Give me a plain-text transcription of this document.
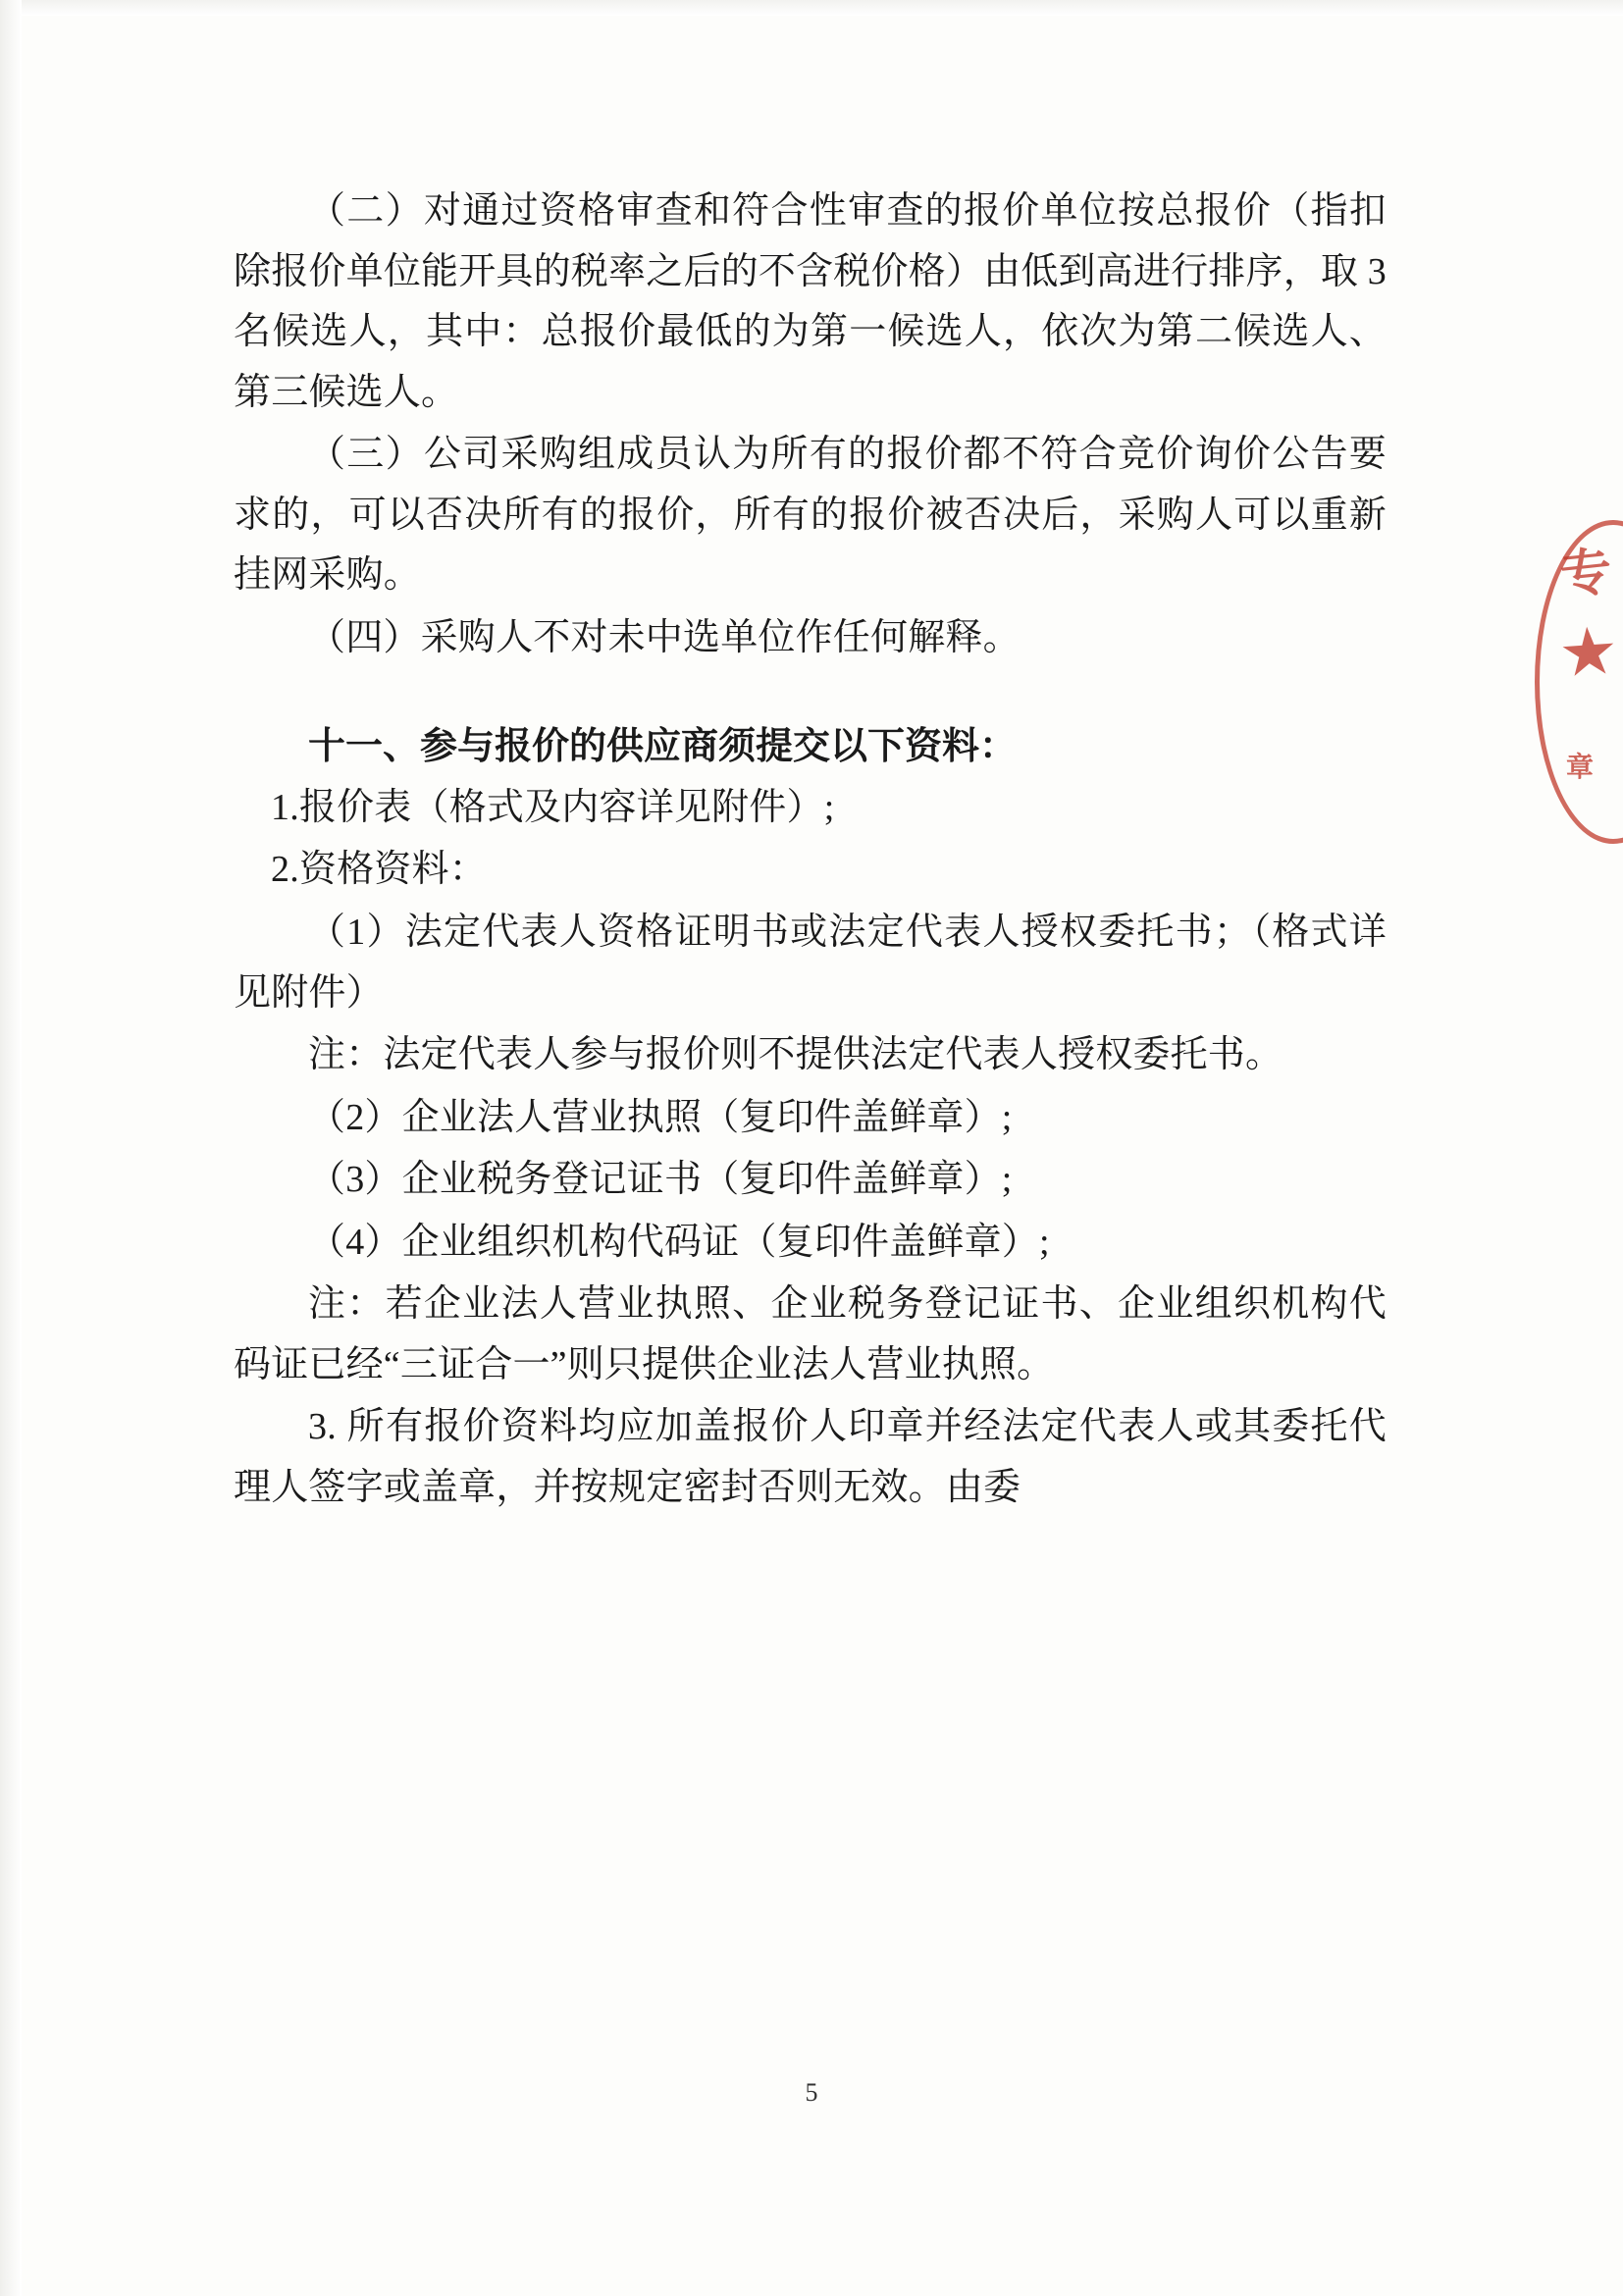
（二）对通过资格审查和符合性审查的报价单位按总报价（指扣除报价单位能开具的税率之后的不含税价格）由低到高进行排序，取 3 名候选人，其中：总报价最低的为第一候选人，依次为第二候选人、第三候选人。

（三）公司采购组成员认为所有的报价都不符合竞价询价公告要求的，可以否决所有的报价，所有的报价被否决后，采购人可以重新挂网采购。

（四）采购人不对未中选单位作任何解释。

十一、参与报价的供应商须提交以下资料：

1.报价表（格式及内容详见附件）;

2.资格资料：

（1）法定代表人资格证明书或法定代表人授权委托书；（格式详见附件）

注：法定代表人参与报价则不提供法定代表人授权委托书。

（2）企业法人营业执照（复印件盖鲜章）;

（3）企业税务登记证书（复印件盖鲜章）;

（4）企业组织机构代码证（复印件盖鲜章）;

注：若企业法人营业执照、企业税务登记证书、企业组织机构代码证已经“三证合一”则只提供企业法人营业执照。

3. 所有报价资料均应加盖报价人印章并经法定代表人或其委托代理人签字或盖章，并按规定密封否则无效。由委

专
★
章
5
